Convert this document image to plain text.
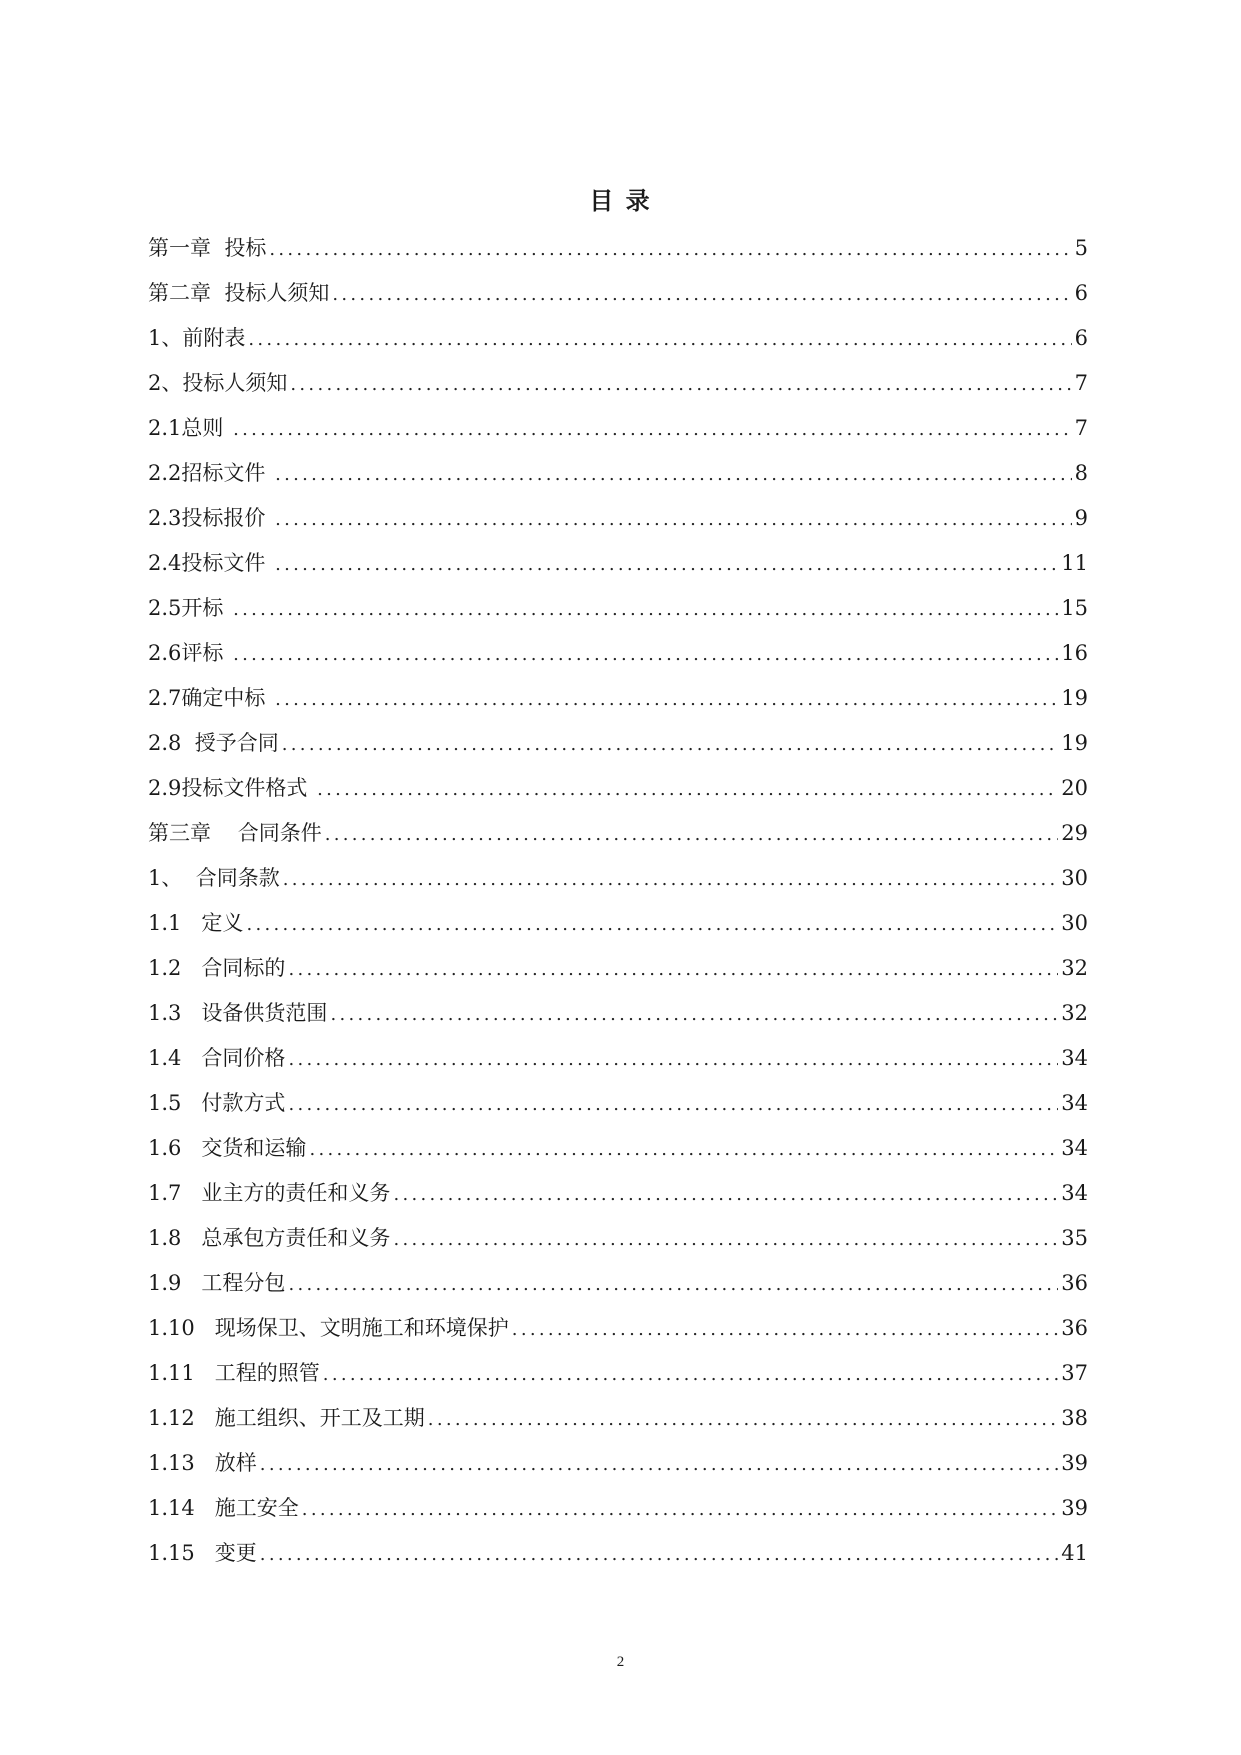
目 录
第一章  投标 .....	5
第二章  投标人须知 .....	6
1、前附表 .....	6
2、投标人须知 .....	7
2.1总则 .....	7
2.2招标文件 .....	8
2.3投标报价 .....	9
2.4投标文件 .....	11
2.5开标 .....	15
2.6评标 .....	16
2.7确定中标 .....	19
2.8  授予合同 .....	19
2.9投标文件格式 .....	20
第三章    合同条件 .....	29
1、  合同条款 .....	30
1.1   定义 .....	30
1.2   合同标的 .....	32
1.3   设备供货范围 .....	32
1.4   合同价格 .....	34
1.5   付款方式 .....	34
1.6   交货和运输 .....	34
1.7   业主方的责任和义务 .....	34
1.8   总承包方责任和义务 .....	35
1.9   工程分包 .....	36
1.10   现场保卫、文明施工和环境保护 .....	36
1.11   工程的照管 .....	37
1.12   施工组织、开工及工期 .....	38
1.13   放样 .....	39
1.14   施工安全 .....	39
1.15   变更 .....	41
2
